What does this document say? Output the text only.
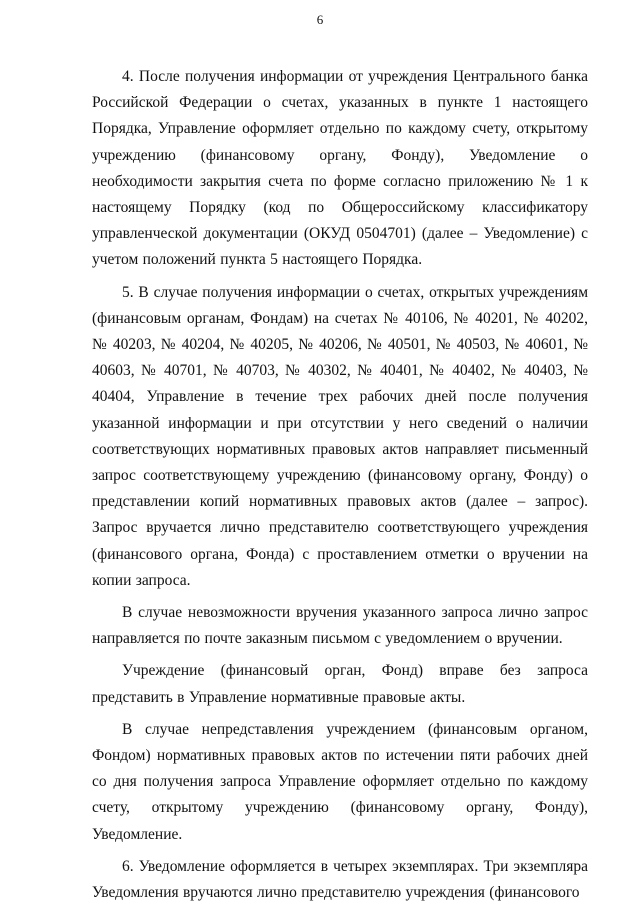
6

4. После получения информации от учреждения Центрального банка Российской Федерации о счетах, указанных в пункте 1 настоящего Порядка, Управление оформляет отдельно по каждому счету, открытому учреждению (финансовому органу, Фонду), Уведомление о необходимости закрытия счета по форме согласно приложению № 1 к настоящему Порядку (код по Общероссийскому классификатору управленческой документации (ОКУД 0504701) (далее – Уведомление) с учетом положений пункта 5 настоящего Порядка.

5. В случае получения информации о счетах, открытых учреждениям (финансовым органам, Фондам) на счетах № 40106, № 40201, № 40202, № 40203, № 40204, № 40205, № 40206, № 40501, № 40503, № 40601, № 40603, № 40701, № 40703, № 40302, № 40401, № 40402, № 40403, № 40404, Управление в течение трех рабочих дней после получения указанной информации и при отсутствии у него сведений о наличии соответствующих нормативных правовых актов направляет письменный запрос соответствующему учреждению (финансовому органу, Фонду) о представлении копий нормативных правовых актов (далее – запрос). Запрос вручается лично представителю соответствующего учреждения (финансового органа, Фонда) с проставлением отметки о вручении на копии запроса.

В случае невозможности вручения указанного запроса лично запрос направляется по почте заказным письмом с уведомлением о вручении.

Учреждение (финансовый орган, Фонд) вправе без запроса представить в Управление нормативные правовые акты.

В случае непредставления учреждением (финансовым органом, Фондом) нормативных правовых актов по истечении пяти рабочих дней со дня получения запроса Управление оформляет отдельно по каждому счету, открытому учреждению (финансовому органу, Фонду), Уведомление.

6. Уведомление оформляется в четырех экземплярах. Три экземпляра Уведомления вручаются лично представителю учреждения (финансового
